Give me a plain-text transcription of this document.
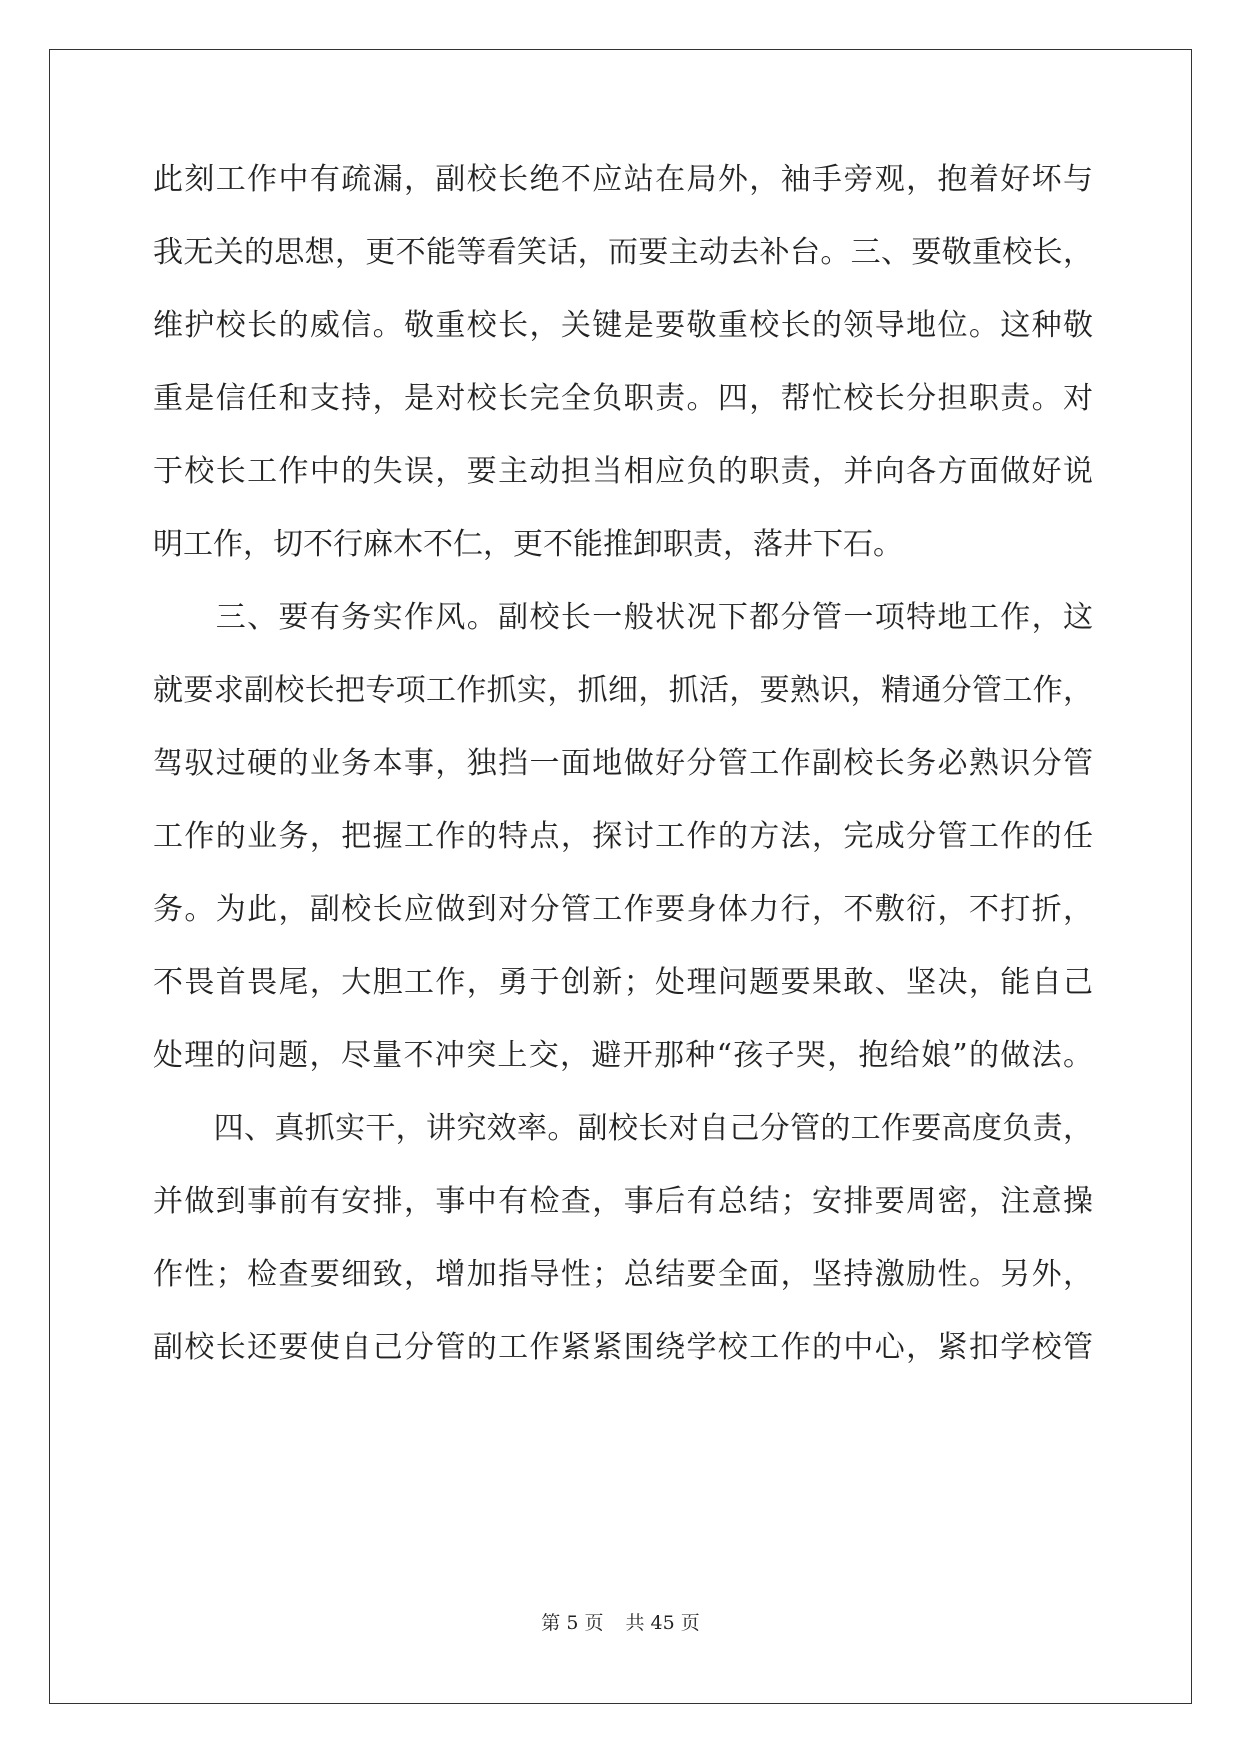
此刻工作中有疏漏，副校长绝不应站在局外，袖手旁观，抱着好坏与
我无关的思想，更不能等看笑话，而要主动去补台。三、要敬重校长，
维护校长的威信。敬重校长，关键是要敬重校长的领导地位。这种敬
重是信任和支持，是对校长完全负职责。四，帮忙校长分担职责。对
于校长工作中的失误，要主动担当相应负的职责，并向各方面做好说
明工作，切不行麻木不仁，更不能推卸职责，落井下石。
　　三、要有务实作风。副校长一般状况下都分管一项特地工作，这
就要求副校长把专项工作抓实，抓细，抓活，要熟识，精通分管工作，
驾驭过硬的业务本事，独挡一面地做好分管工作副校长务必熟识分管
工作的业务，把握工作的特点，探讨工作的方法，完成分管工作的任
务。为此，副校长应做到对分管工作要身体力行，不敷衍，不打折，
不畏首畏尾，大胆工作，勇于创新；处理问题要果敢、坚决，能自己
处理的问题，尽量不冲突上交，避开那种“孩子哭，抱给娘”的做法。
　　四、真抓实干，讲究效率。副校长对自己分管的工作要高度负责，
并做到事前有安排，事中有检查，事后有总结；安排要周密，注意操
作性；检查要细致，增加指导性；总结要全面，坚持激励性。另外，
副校长还要使自己分管的工作紧紧围绕学校工作的中心，紧扣学校管
第 5 页 共 45 页
